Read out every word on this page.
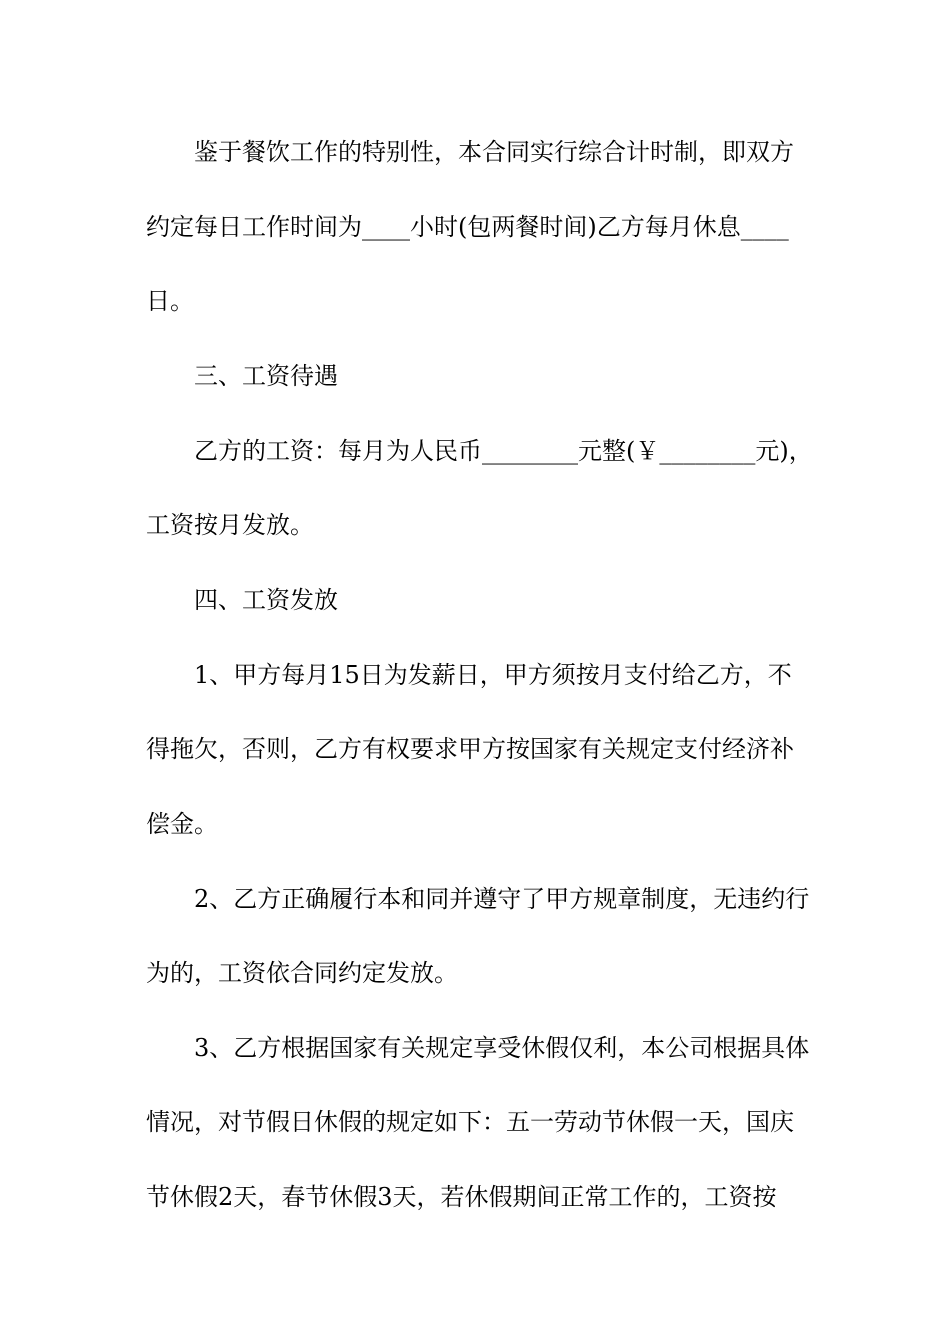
鉴于餐饮工作的特别性，本合同实行综合计时制，即双方
约定每日工作时间为____小时(包两餐时间)乙方每月休息____
日。
三、工资待遇
乙方的工资：每月为人民币________元整(￥________元)，
工资按月发放。
四、工资发放
1、甲方每月15日为发薪日，甲方须按月支付给乙方，不
得拖欠，否则，乙方有权要求甲方按国家有关规定支付经济补
偿金。
2、乙方正确履行本和同并遵守了甲方规章制度，无违约行
为的，工资依合同约定发放。
3、乙方根据国家有关规定享受休假仅利，本公司根据具体
情况，对节假日休假的规定如下：五一劳动节休假一天，国庆
节休假2天，春节休假3天，若休假期间正常工作的，工资按
